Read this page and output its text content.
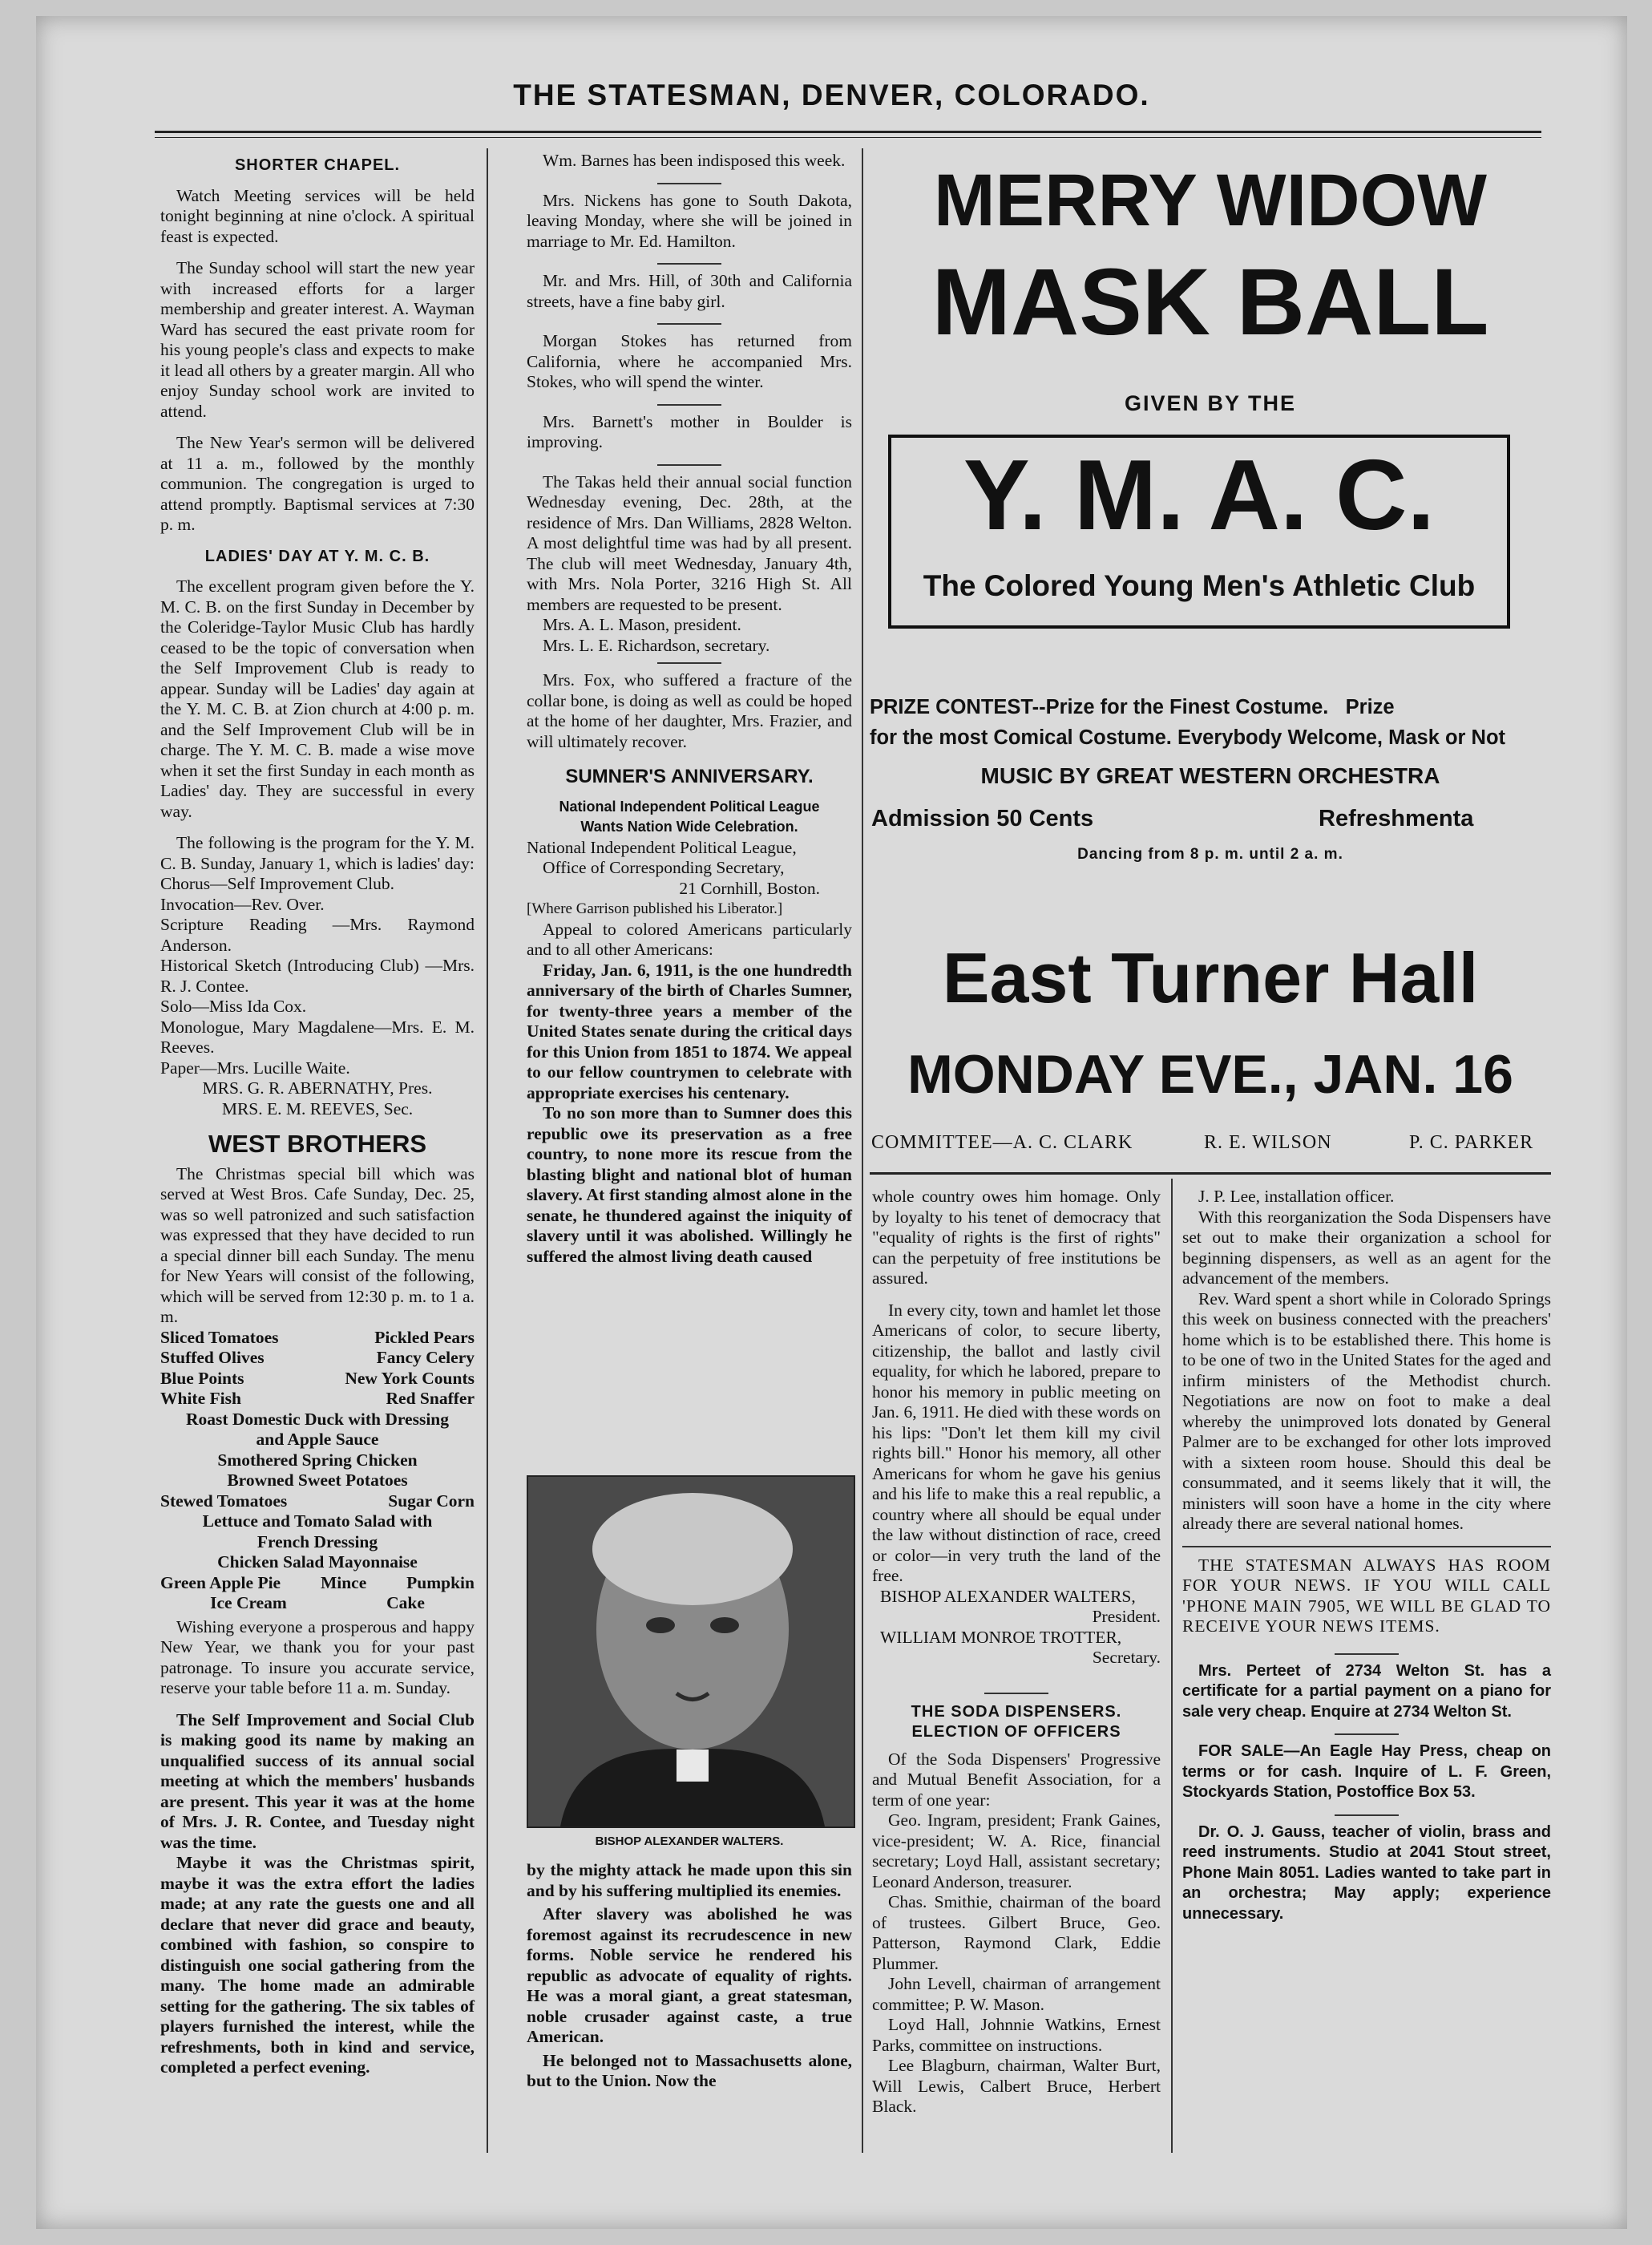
THE STATESMAN, DENVER, COLORADO.
SHORTER CHAPEL.

Watch Meeting services will be held tonight beginning at nine o'clock. A spiritual feast is expected.

The Sunday school will start the new year with increased efforts for a larger membership and greater interest. A. Wayman Ward has secured the east private room for his young people's class and expects to make it lead all others by a greater margin. All who enjoy Sunday school work are invited to attend.

The New Year's sermon will be delivered at 11 a. m., followed by the monthly communion. The congregation is urged to attend promptly. Baptismal services at 7:30 p. m.

LADIES' DAY AT Y. M. C. B.

The excellent program given before the Y. M. C. B. on the first Sunday in December by the Coleridge-Taylor Music Club has hardly ceased to be the topic of conversation when the Self Improvement Club is ready to appear. Sunday will be Ladies' day again at the Y. M. C. B. at Zion church at 4:00 p. m. and the Self Improvement Club will be in charge. The Y. M. C. B. made a wise move when it set the first Sunday in each month as Ladies' day. They are successful in every way.

The following is the program for the Y. M. C. B. Sunday, January 1, which is ladies' day:

Chorus—Self Improvement Club.

Invocation—Rev. Over.

Scripture Reading —Mrs. Raymond Anderson.

Historical Sketch (Introducing Club) —Mrs. R. J. Contee.

Solo—Miss Ida Cox.

Monologue, Mary Magdalene—Mrs. E. M. Reeves.

Paper—Mrs. Lucille Waite.

MRS. G. R. ABERNATHY, Pres.

MRS. E. M. REEVES, Sec.

WEST BROTHERS

The Christmas special bill which was served at West Bros. Cafe Sunday, Dec. 25, was so well patronized and such satisfaction was expressed that they have decided to run a special dinner bill each Sunday. The menu for New Years will consist of the following, which will be served from 12:30 p. m. to 1 a. m.

Sliced Tomatoes	Pickled Pears
Stuffed Olives	Fancy Celery
Blue Points	New York Counts
White Fish	Red Snaffer
Roast Domestic Duck with Dressing
and Apple Sauce
Smothered Spring Chicken
Browned Sweet Potatoes
Stewed Tomatoes	Sugar Corn
Lettuce and Tomato Salad with
French Dressing
Chicken Salad Mayonnaise
Green Apple Pie Mince Pumpkin
Ice Cream	Cake

Wishing everyone a prosperous and happy New Year, we thank you for your past patronage. To insure you accurate service, reserve your table before 11 a. m. Sunday.

The Self Improvement and Social Club is making good its name by making an unqualified success of its annual social meeting at which the members' husbands are present. This year it was at the home of Mrs. J. R. Contee, and Tuesday night was the time.

Maybe it was the Christmas spirit, maybe it was the extra effort the ladies made; at any rate the guests one and all declare that never did grace and beauty, combined with fashion, so conspire to distinguish one social gathering from the many. The home made an admirable setting for the gathering. The six tables of players furnished the interest, while the refreshments, both in kind and service, completed a perfect evening.

Wm. Barnes has been indisposed this week.

Mrs. Nickens has gone to South Dakota, leaving Monday, where she will be joined in marriage to Mr. Ed. Hamilton.

Mr. and Mrs. Hill, of 30th and California streets, have a fine baby girl.

Morgan Stokes has returned from California, where he accompanied Mrs. Stokes, who will spend the winter.

Mrs. Barnett's mother in Boulder is improving.

The Takas held their annual social function Wednesday evening, Dec. 28th, at the residence of Mrs. Dan Williams, 2828 Welton. A most delightful time was had by all present. The club will meet Wednesday, January 4th, with Mrs. Nola Porter, 3216 High St. All members are requested to be present.

Mrs. A. L. Mason, president.

Mrs. L. E. Richardson, secretary.

Mrs. Fox, who suffered a fracture of the collar bone, is doing as well as could be hoped at the home of her daughter, Mrs. Frazier, and will ultimately recover.

SUMNER'S ANNIVERSARY.

National Independent Political League

Wants Nation Wide Celebration.

National Independent Political League,

Office of Corresponding Secretary,

21 Cornhill, Boston.

[Where Garrison published his Liberator.]

Appeal to colored Americans particularly and to all other Americans:

Friday, Jan. 6, 1911, is the one hundredth anniversary of the birth of Charles Sumner, for twenty-three years a member of the United States senate during the critical days for this Union from 1851 to 1874. We appeal to our fellow countrymen to celebrate with appropriate exercises his centenary.

To no son more than to Sumner does this republic owe its preservation as a free country, to none more its rescue from the blasting blight and national blot of human slavery. At first standing almost alone in the senate, he thundered against the iniquity of slavery until it was abolished. Willingly he suffered the almost living death caused

BISHOP ALEXANDER WALTERS.

by the mighty attack he made upon this sin and by his suffering multiplied its enemies.

After slavery was abolished he was foremost against its recrudescence in new forms. Noble service he rendered his republic as advocate of equality of rights. He was a moral giant, a great statesman, noble crusader against caste, a true American.

He belonged not to Massachusetts alone, but to the Union. Now the

MERRY WIDOW
MASK BALL
GIVEN BY THE
Y. M. A. C.
The Colored Young Men's Athletic Club
PRIZE CONTEST--Prize for the Finest Costume.   Prize
for the most Comical Costume. Everybody Welcome, Mask or Not
MUSIC BY GREAT WESTERN ORCHESTRA
Admission 50 Cents	Refreshmenta
Dancing from 8 p. m. until 2 a. m.
East Turner Hall
MONDAY EVE., JAN. 16
COMMITTEE—A. C. CLARK	R. E. WILSON	P. C. PARKER

whole country owes him homage. Only by loyalty to his tenet of democracy that "equality of rights is the first of rights" can the perpetuity of free institutions be assured.

In every city, town and hamlet let those Americans of color, to secure liberty, citizenship, the ballot and lastly civil equality, for which he labored, prepare to honor his memory in public meeting on Jan. 6, 1911. He died with these words on his lips: "Don't let them kill my civil rights bill." Honor his memory, all other Americans for whom he gave his genius and his life to make this a real republic, a country where all should be equal under the law without distinction of race, creed or color—in very truth the land of the free.

BISHOP ALEXANDER WALTERS,

President.

WILLIAM MONROE TROTTER,

Secretary.

THE SODA DISPENSERS.
ELECTION OF OFFICERS

Of the Soda Dispensers' Progressive and Mutual Benefit Association, for a term of one year:

Geo. Ingram, president; Frank Gaines, vice-president; W. A. Rice, financial secretary; Loyd Hall, assistant secretary; Leonard Anderson, treasurer.

Chas. Smithie, chairman of the board of trustees. Gilbert Bruce, Geo. Patterson, Raymond Clark, Eddie Plummer.

John Levell, chairman of arrangement committee; P. W. Mason.

Loyd Hall, Johnnie Watkins, Ernest Parks, committee on instructions.

Lee Blagburn, chairman, Walter Burt, Will Lewis, Calbert Bruce, Herbert Black.

J. P. Lee, installation officer.

With this reorganization the Soda Dispensers have set out to make their organization a school for beginning dispensers, as well as an agent for the advancement of the members.

Rev. Ward spent a short while in Colorado Springs this week on business connected with the preachers' home which is to be established there. This home is to be one of two in the United States for the aged and infirm ministers of the Methodist church. Negotiations are now on foot to make a deal whereby the unimproved lots donated by General Palmer are to be exchanged for other lots improved with a sixteen room house. Should this deal be consummated, and it seems likely that it will, the ministers will soon have a home in the city where already there are several national homes.

THE STATESMAN ALWAYS HAS ROOM FOR YOUR NEWS. IF YOU WILL CALL 'PHONE MAIN 7905, WE WILL BE GLAD TO RECEIVE YOUR NEWS ITEMS.

Mrs. Perteet of 2734 Welton St. has a certificate for a partial payment on a piano for sale very cheap. Enquire at 2734 Welton St.

FOR SALE—An Eagle Hay Press, cheap on terms or for cash. Inquire of L. F. Green, Stockyards Station, Postoffice Box 53.

Dr. O. J. Gauss, teacher of violin, brass and reed instruments. Studio at 2041 Stout street, Phone Main 8051. Ladies wanted to take part in an orchestra; May apply; experience unnecessary.
